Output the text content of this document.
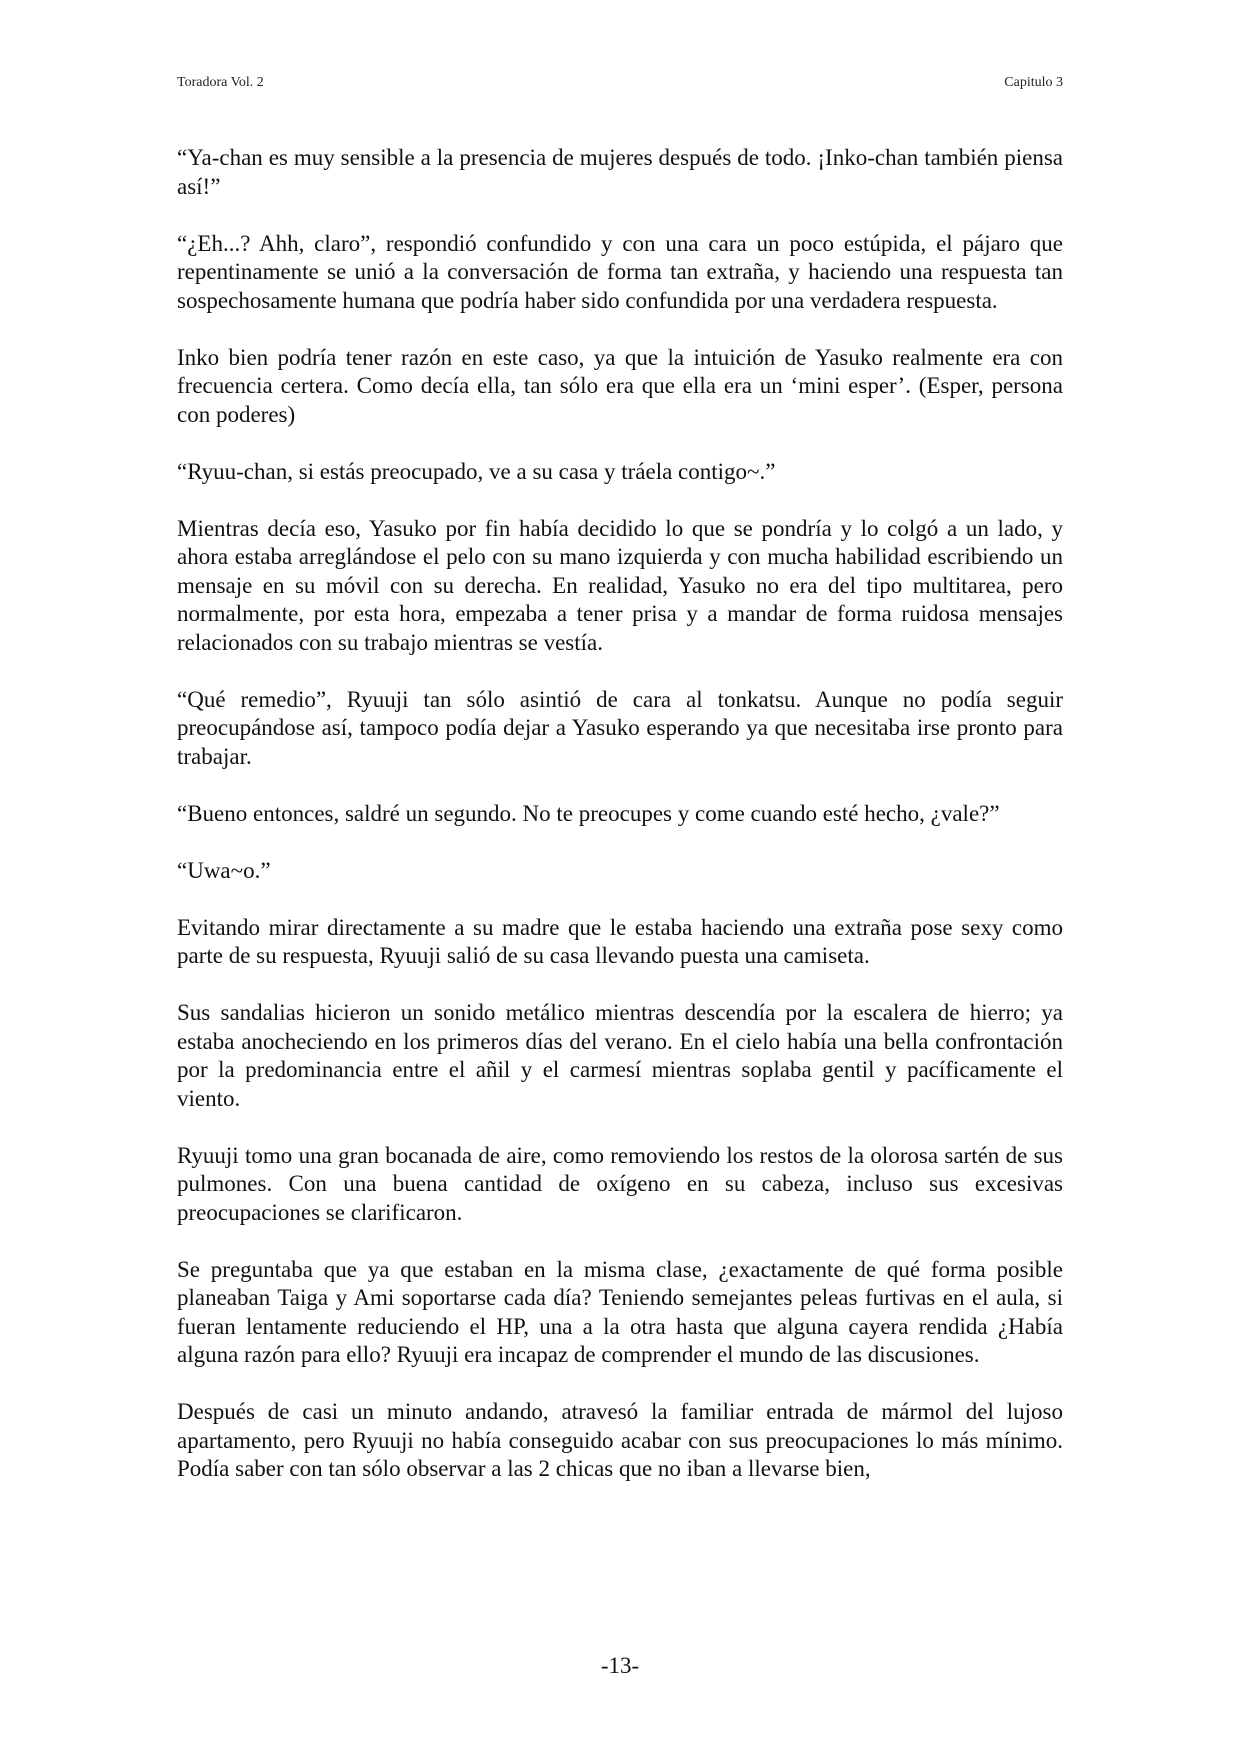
Toradora Vol. 2	Capitulo 3

“Ya-chan es muy sensible a la presencia de mujeres después de todo. ¡Inko-chan también piensa así!”

“¿Eh...? Ahh, claro”, respondió confundido y con una cara un poco estúpida, el pájaro que repentinamente se unió a la conversación de forma tan extraña, y haciendo una respuesta tan sospechosamente humana que podría haber sido confundida por una verdadera respuesta.

Inko bien podría tener razón en este caso, ya que la intuición de Yasuko realmente era con frecuencia certera. Como decía ella, tan sólo era que ella era un ‘mini esper’. (Esper, persona con poderes)

“Ryuu-chan, si estás preocupado, ve a su casa y tráela contigo~.”

Mientras decía eso, Yasuko por fin había decidido lo que se pondría y lo colgó a un lado, y ahora estaba arreglándose el pelo con su mano izquierda y con mucha habilidad escribiendo un mensaje en su móvil con su derecha. En realidad, Yasuko no era del tipo multitarea, pero normalmente, por esta hora, empezaba a tener prisa y a mandar de forma ruidosa mensajes relacionados con su trabajo mientras se vestía.

“Qué remedio”, Ryuuji tan sólo asintió de cara al tonkatsu. Aunque no podía seguir preocupándose así, tampoco podía dejar a Yasuko esperando ya que necesitaba irse pronto para trabajar.

“Bueno entonces, saldré un segundo. No te preocupes y come cuando esté hecho, ¿vale?”

“Uwa~o.”

Evitando mirar directamente a su madre que le estaba haciendo una extraña pose sexy como parte de su respuesta, Ryuuji salió de su casa llevando puesta una camiseta.

Sus sandalias hicieron un sonido metálico mientras descendía por la escalera de hierro; ya estaba anocheciendo en los primeros días del verano. En el cielo había una bella confrontación por la predominancia entre el añil y el carmesí mientras soplaba gentil y pacíficamente el viento.

Ryuuji tomo una gran bocanada de aire, como removiendo los restos de la olorosa sartén de sus pulmones. Con una buena cantidad de oxígeno en su cabeza, incluso sus excesivas preocupaciones se clarificaron.

Se preguntaba que ya que estaban en la misma clase, ¿exactamente de qué forma posible planeaban Taiga y Ami soportarse cada día? Teniendo semejantes peleas furtivas en el aula, si fueran lentamente reduciendo el HP, una a la otra hasta que alguna cayera rendida ¿Había alguna razón para ello? Ryuuji era incapaz de comprender el mundo de las discusiones.

Después de casi un minuto andando, atravesó la familiar entrada de mármol del lujoso apartamento, pero Ryuuji no había conseguido acabar con sus preocupaciones lo más mínimo. Podía saber con tan sólo observar a las 2 chicas que no iban a llevarse bien,

-13-
